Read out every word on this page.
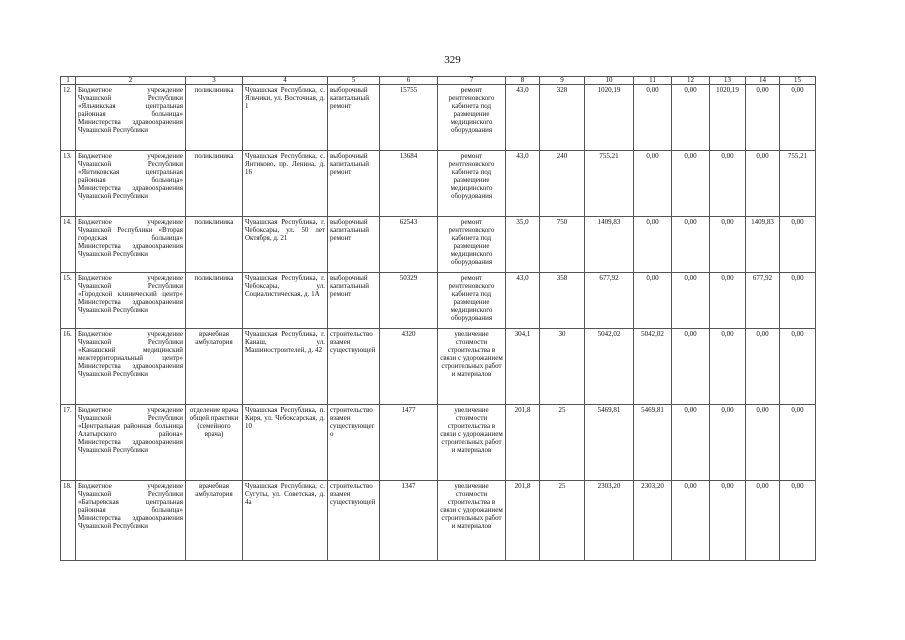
329
1	2	3	4	5	6	7	8	9	10	11	12	13	14	15
12.	Бюджетное учреждение Чувашской Республики «Яльчикская центральная районная больница» Министерства здравоохранения Чувашской Республики	поликлиника	Чувашская Республика, с. Яльчики, ул. Восточная, д. 1	выборочный капитальный ремонт	15755	ремонт рентгеновского кабинета под размещение медицинского оборудования	43,0	328	1020,19	0,00	0,00	1020,19	0,00	0,00
13.	Бюджетное учреждение Чувашской Республики «Янтиковская центральная районная больница» Министерства здравоохранения Чувашской Республики	поликлиника	Чувашская Республика, с. Янтиково, пр. Ленина, д. 16	выборочный капитальный ремонт	13684	ремонт рентгеновского кабинета под размещение медицинского оборудования	43,0	240	755,21	0,00	0,00	0,00	0,00	755,21
14.	Бюджетное учреждение Чувашской Республики «Вторая городская больница» Министерства здравоохранения Чувашской Республики	поликлиника	Чувашская Республика, г. Чебоксары, ул. 50 лет Октября, д. 21	выборочный капитальный ремонт	62543	ремонт рентгеновского кабинета под размещение медицинского оборудования	35,0	750	1409,83	0,00	0,00	0,00	1409,83	0,00
15.	Бюджетное учреждение Чувашской Республики «Городской клинический центр» Министерства здравоохранения Чувашской Республики	поликлиника	Чувашская Республика, г. Чебоксары, ул. Социалистическая, д. 1А	выборочный капитальный ремонт	50329	ремонт рентгеновского кабинета под размещение медицинского оборудования	43,0	358	677,92	0,00	0,00	0,00	677,92	0,00
16.	Бюджетное учреждение Чувашской Республики «Канашский медицинский межтерриториальный центр» Министерства здравоохранения Чувашской Республики	врачебная амбулатория	Чувашская Республика, г. Канаш, ул. Машиностроителей, д. 42	строительство взамен существующей	4320	увеличение стоимости строительства в связи с удорожанием строительных работ и материалов	304,1	30	5042,02	5042,02	0,00	0,00	0,00	0,00
17.	Бюджетное учреждение Чувашской Республики «Центральная районная больница Алатырского района» Министерства здравоохранения Чувашской Республики	отделение врача общей практики (семейного врача)	Чувашская Республика, п. Киря, ул. Чебоксарская, д. 10	строительство взамен существующего	1477	увеличение стоимости строительства в связи с удорожанием строительных работ и материалов	201,8	25	5469,81	5469,81	0,00	0,00	0,00	0,00
18.	Бюджетное учреждение Чувашской Республики «Батыревская центральная районная больница» Министерства здравоохранения Чувашской Республики	врачебная амбулатория	Чувашская Республика, с. Сугуты, ул. Советская, д. 4а	строительство взамен существующей	1347	увеличение стоимости строительства в связи с удорожанием строительных работ и материалов	201,8	25	2303,20	2303,20	0,00	0,00	0,00	0,00
